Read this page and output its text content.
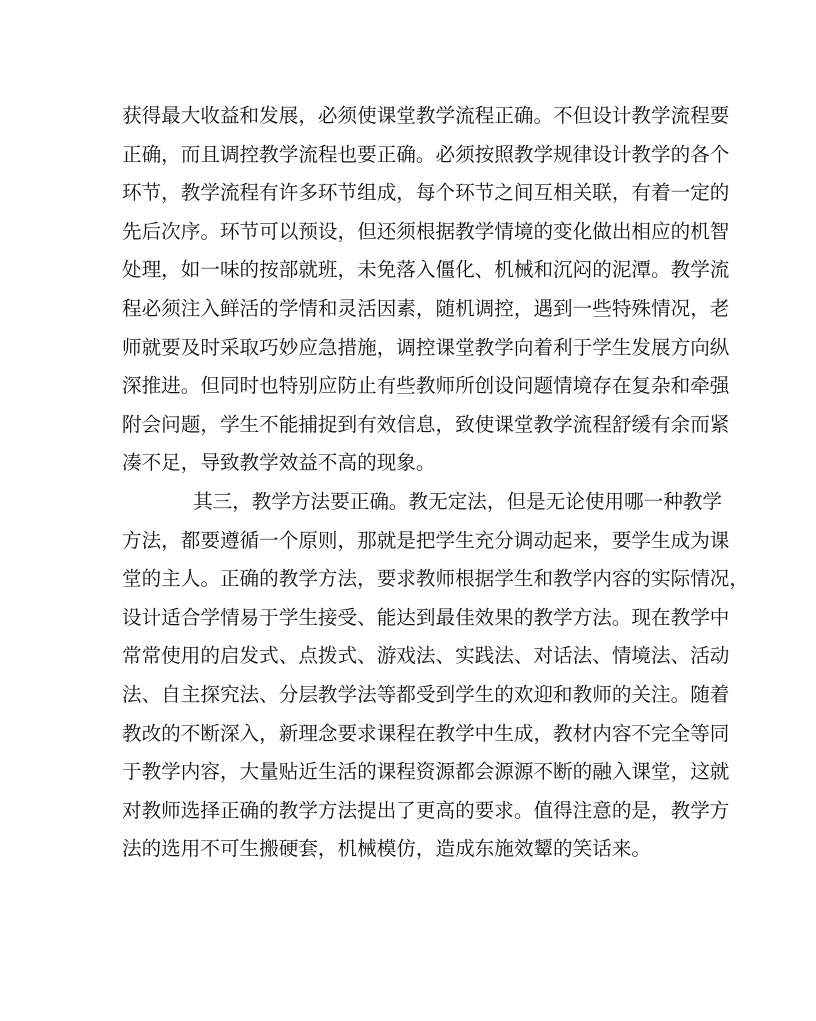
获得最大收益和发展，必须使课堂教学流程正确。不但设计教学流程要
正确，而且调控教学流程也要正确。必须按照教学规律设计教学的各个
环节，教学流程有许多环节组成，每个环节之间互相关联，有着一定的
先后次序。环节可以预设，但还须根据教学情境的变化做出相应的机智
处理，如一味的按部就班，未免落入僵化、机械和沉闷的泥潭。教学流
程必须注入鲜活的学情和灵活因素，随机调控，遇到一些特殊情况，老
师就要及时采取巧妙应急措施，调控课堂教学向着利于学生发展方向纵
深推进。但同时也特别应防止有些教师所创设问题情境存在复杂和牵强
附会问题，学生不能捕捉到有效信息，致使课堂教学流程舒缓有余而紧
凑不足，导致教学效益不高的现象。

其三，教学方法要正确。教无定法，但是无论使用哪一种教学
方法，都要遵循一个原则，那就是把学生充分调动起来，要学生成为课
堂的主人。正确的教学方法，要求教师根据学生和教学内容的实际情况，
设计适合学情易于学生接受、能达到最佳效果的教学方法。现在教学中
常常使用的启发式、点拨式、游戏法、实践法、对话法、情境法、活动
法、自主探究法、分层教学法等都受到学生的欢迎和教师的关注。随着
教改的不断深入，新理念要求课程在教学中生成，教材内容不完全等同
于教学内容，大量贴近生活的课程资源都会源源不断的融入课堂，这就
对教师选择正确的教学方法提出了更高的要求。值得注意的是，教学方
法的选用不可生搬硬套，机械模仿，造成东施效颦的笑话来。
